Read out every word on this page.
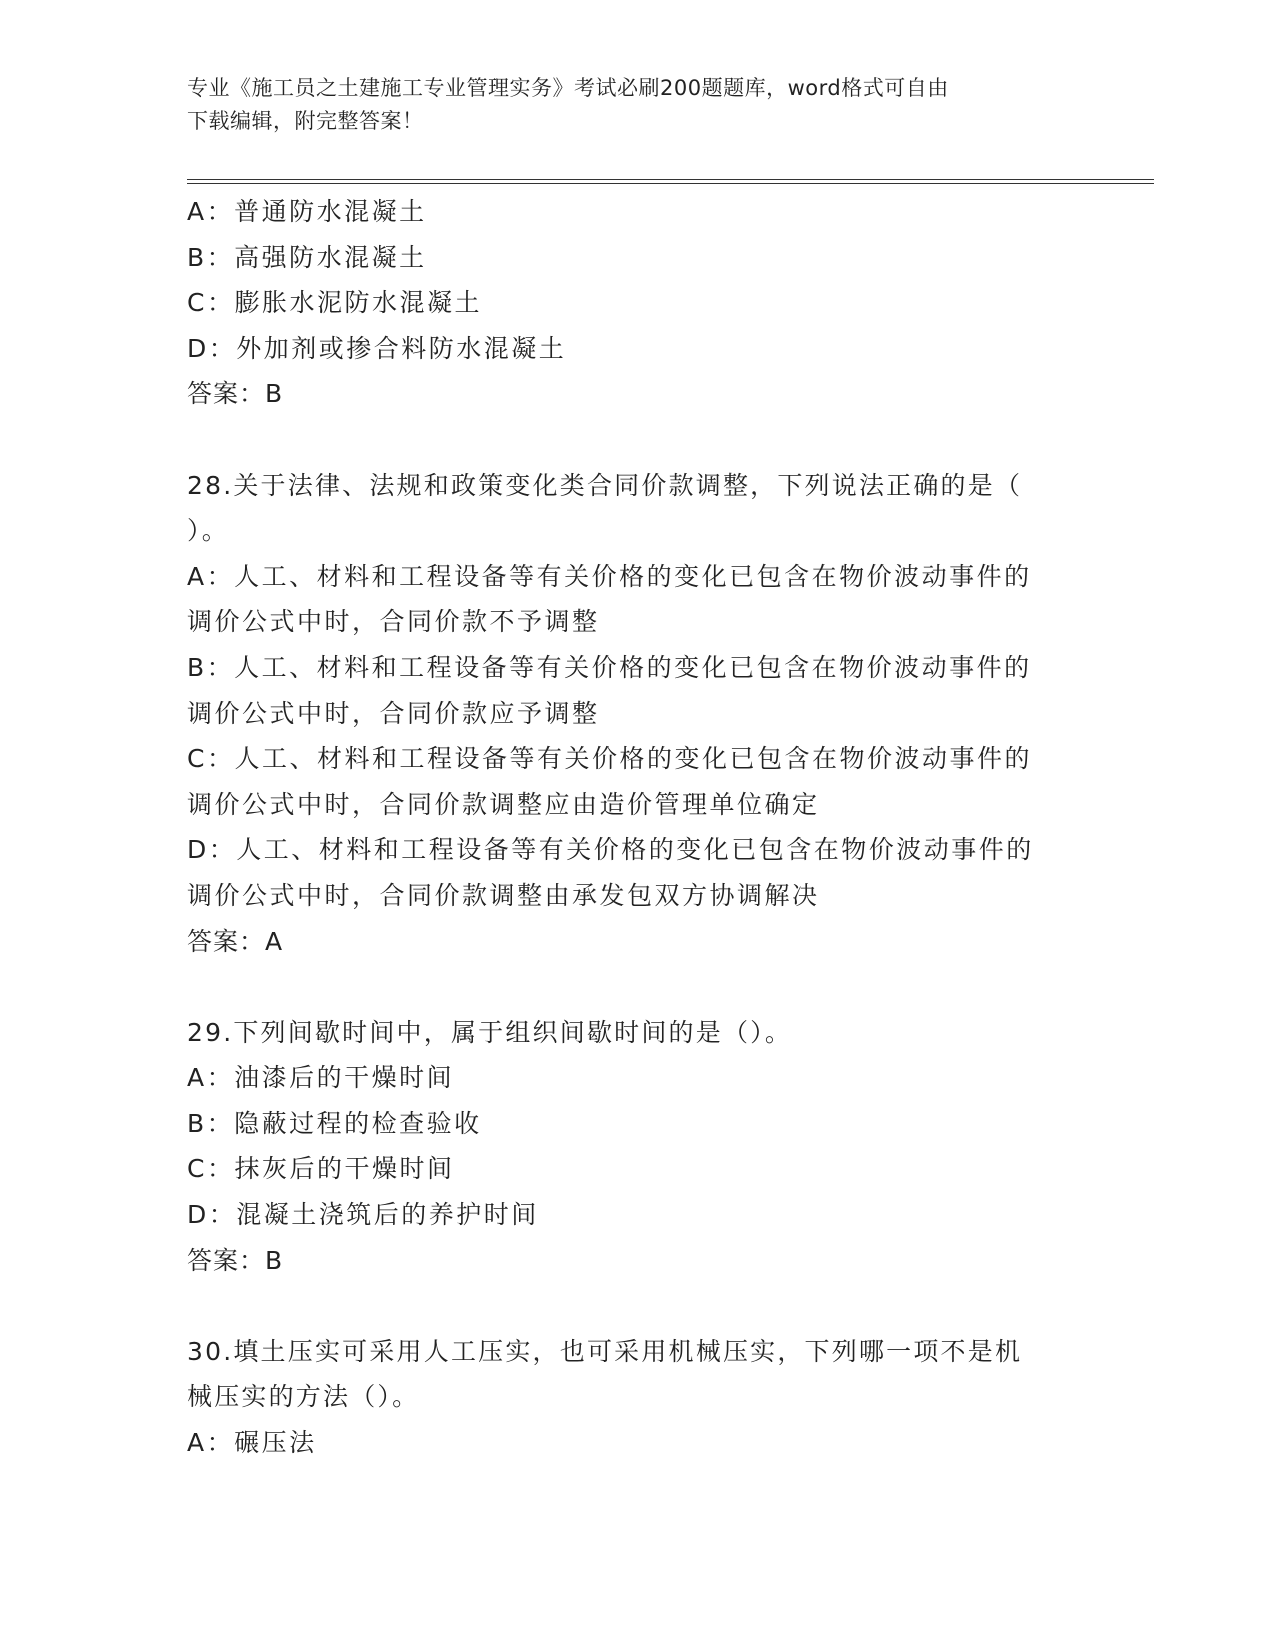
专业《施工员之土建施工专业管理实务》考试必刷200题题库，word格式可自由
下载编辑，附完整答案！
A：普通防水混凝土
B：高强防水混凝土
C：膨胀水泥防水混凝土
D：外加剂或掺合料防水混凝土
答案：B
28.关于法律、法规和政策变化类合同价款调整，下列说法正确的是（
）。
A：人工、材料和工程设备等有关价格的变化已包含在物价波动事件的
调价公式中时，合同价款不予调整
B：人工、材料和工程设备等有关价格的变化已包含在物价波动事件的
调价公式中时，合同价款应予调整
C：人工、材料和工程设备等有关价格的变化已包含在物价波动事件的
调价公式中时，合同价款调整应由造价管理单位确定
D：人工、材料和工程设备等有关价格的变化已包含在物价波动事件的
调价公式中时，合同价款调整由承发包双方协调解决
答案：A
29.下列间歇时间中，属于组织间歇时间的是（）。
A：油漆后的干燥时间
B：隐蔽过程的检查验收
C：抹灰后的干燥时间
D：混凝土浇筑后的养护时间
答案：B
30.填土压实可采用人工压实，也可采用机械压实，下列哪一项不是机
械压实的方法（）。
A：碾压法
